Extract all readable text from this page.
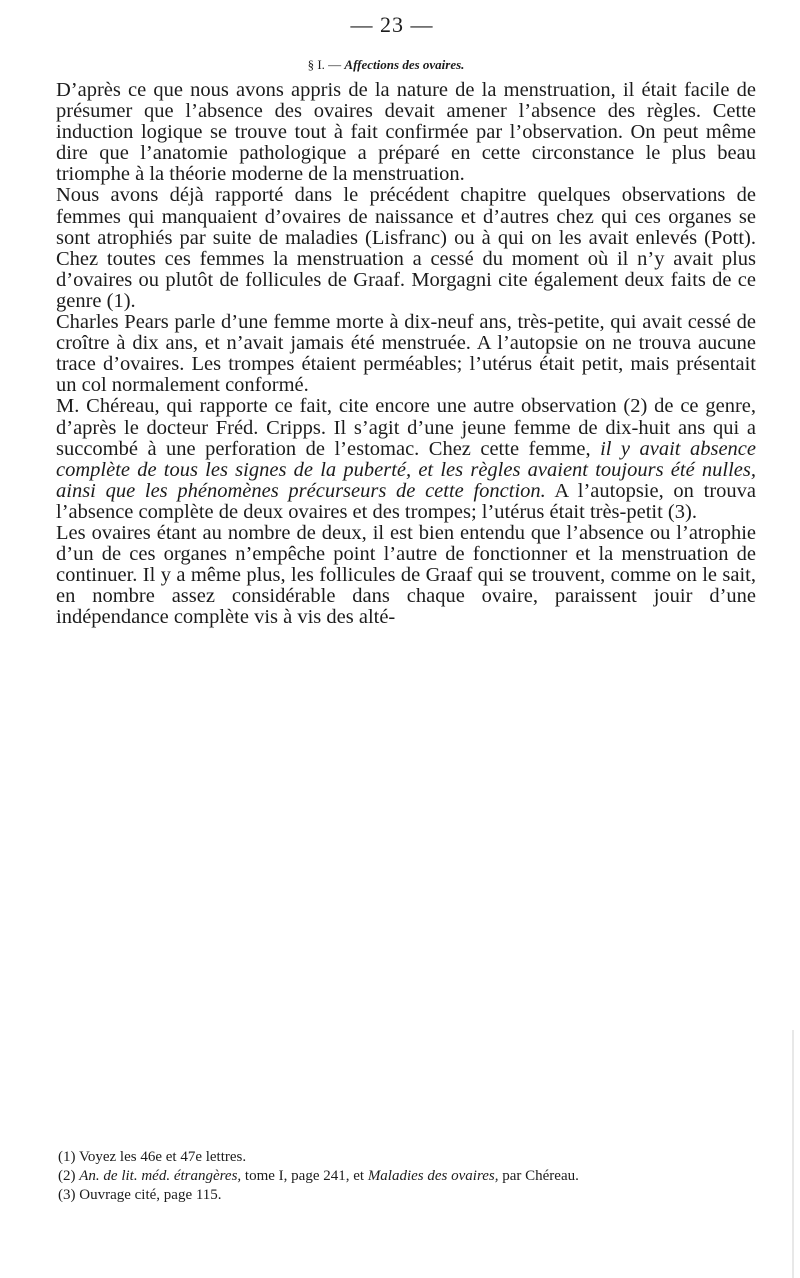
— 23 —
§ I. — Affections des ovaires.

D’après ce que nous avons appris de la nature de la menstruation, il était facile de présumer que l’absence des ovaires devait amener l’absence des règles. Cette induction logique se trouve tout à fait confirmée par l’observation. On peut même dire que l’anatomie pathologique a préparé en cette circonstance le plus beau triomphe à la théorie moderne de la menstruation.

Nous avons déjà rapporté dans le précédent chapitre quelques observations de femmes qui manquaient d’ovaires de naissance et d’autres chez qui ces organes se sont atrophiés par suite de maladies (Lisfranc) ou à qui on les avait enlevés (Pott). Chez toutes ces femmes la menstruation a cessé du moment où il n’y avait plus d’ovaires ou plutôt de follicules de Graaf. Morgagni cite également deux faits de ce genre (1).

Charles Pears parle d’une femme morte à dix-neuf ans, très-petite, qui avait cessé de croître à dix ans, et n’avait jamais été menstruée. A l’autopsie on ne trouva aucune trace d’ovaires. Les trompes étaient perméables; l’utérus était petit, mais présentait un col normalement conformé.

M. Chéreau, qui rapporte ce fait, cite encore une autre observation (2) de ce genre, d’après le docteur Fréd. Cripps. Il s’agit d’une jeune femme de dix-huit ans qui a succombé à une perforation de l’estomac. Chez cette femme, il y avait absence complète de tous les signes de la puberté, et les règles avaient toujours été nulles, ainsi que les phénomènes précurseurs de cette fonction. A l’autopsie, on trouva l’absence complète de deux ovaires et des trompes; l’utérus était très-petit (3).

Les ovaires étant au nombre de deux, il est bien entendu que l’absence ou l’atrophie d’un de ces organes n’empêche point l’autre de fonctionner et la menstruation de continuer. Il y a même plus, les follicules de Graaf qui se trouvent, comme on le sait, en nombre assez considérable dans chaque ovaire, paraissent jouir d’une indépendance complète vis à vis des alté-

(1) Voyez les 46e et 47e lettres.

(2) An. de lit. méd. étrangères, tome I, page 241, et Maladies des ovaires, par Chéreau.

(3) Ouvrage cité, page 115.
